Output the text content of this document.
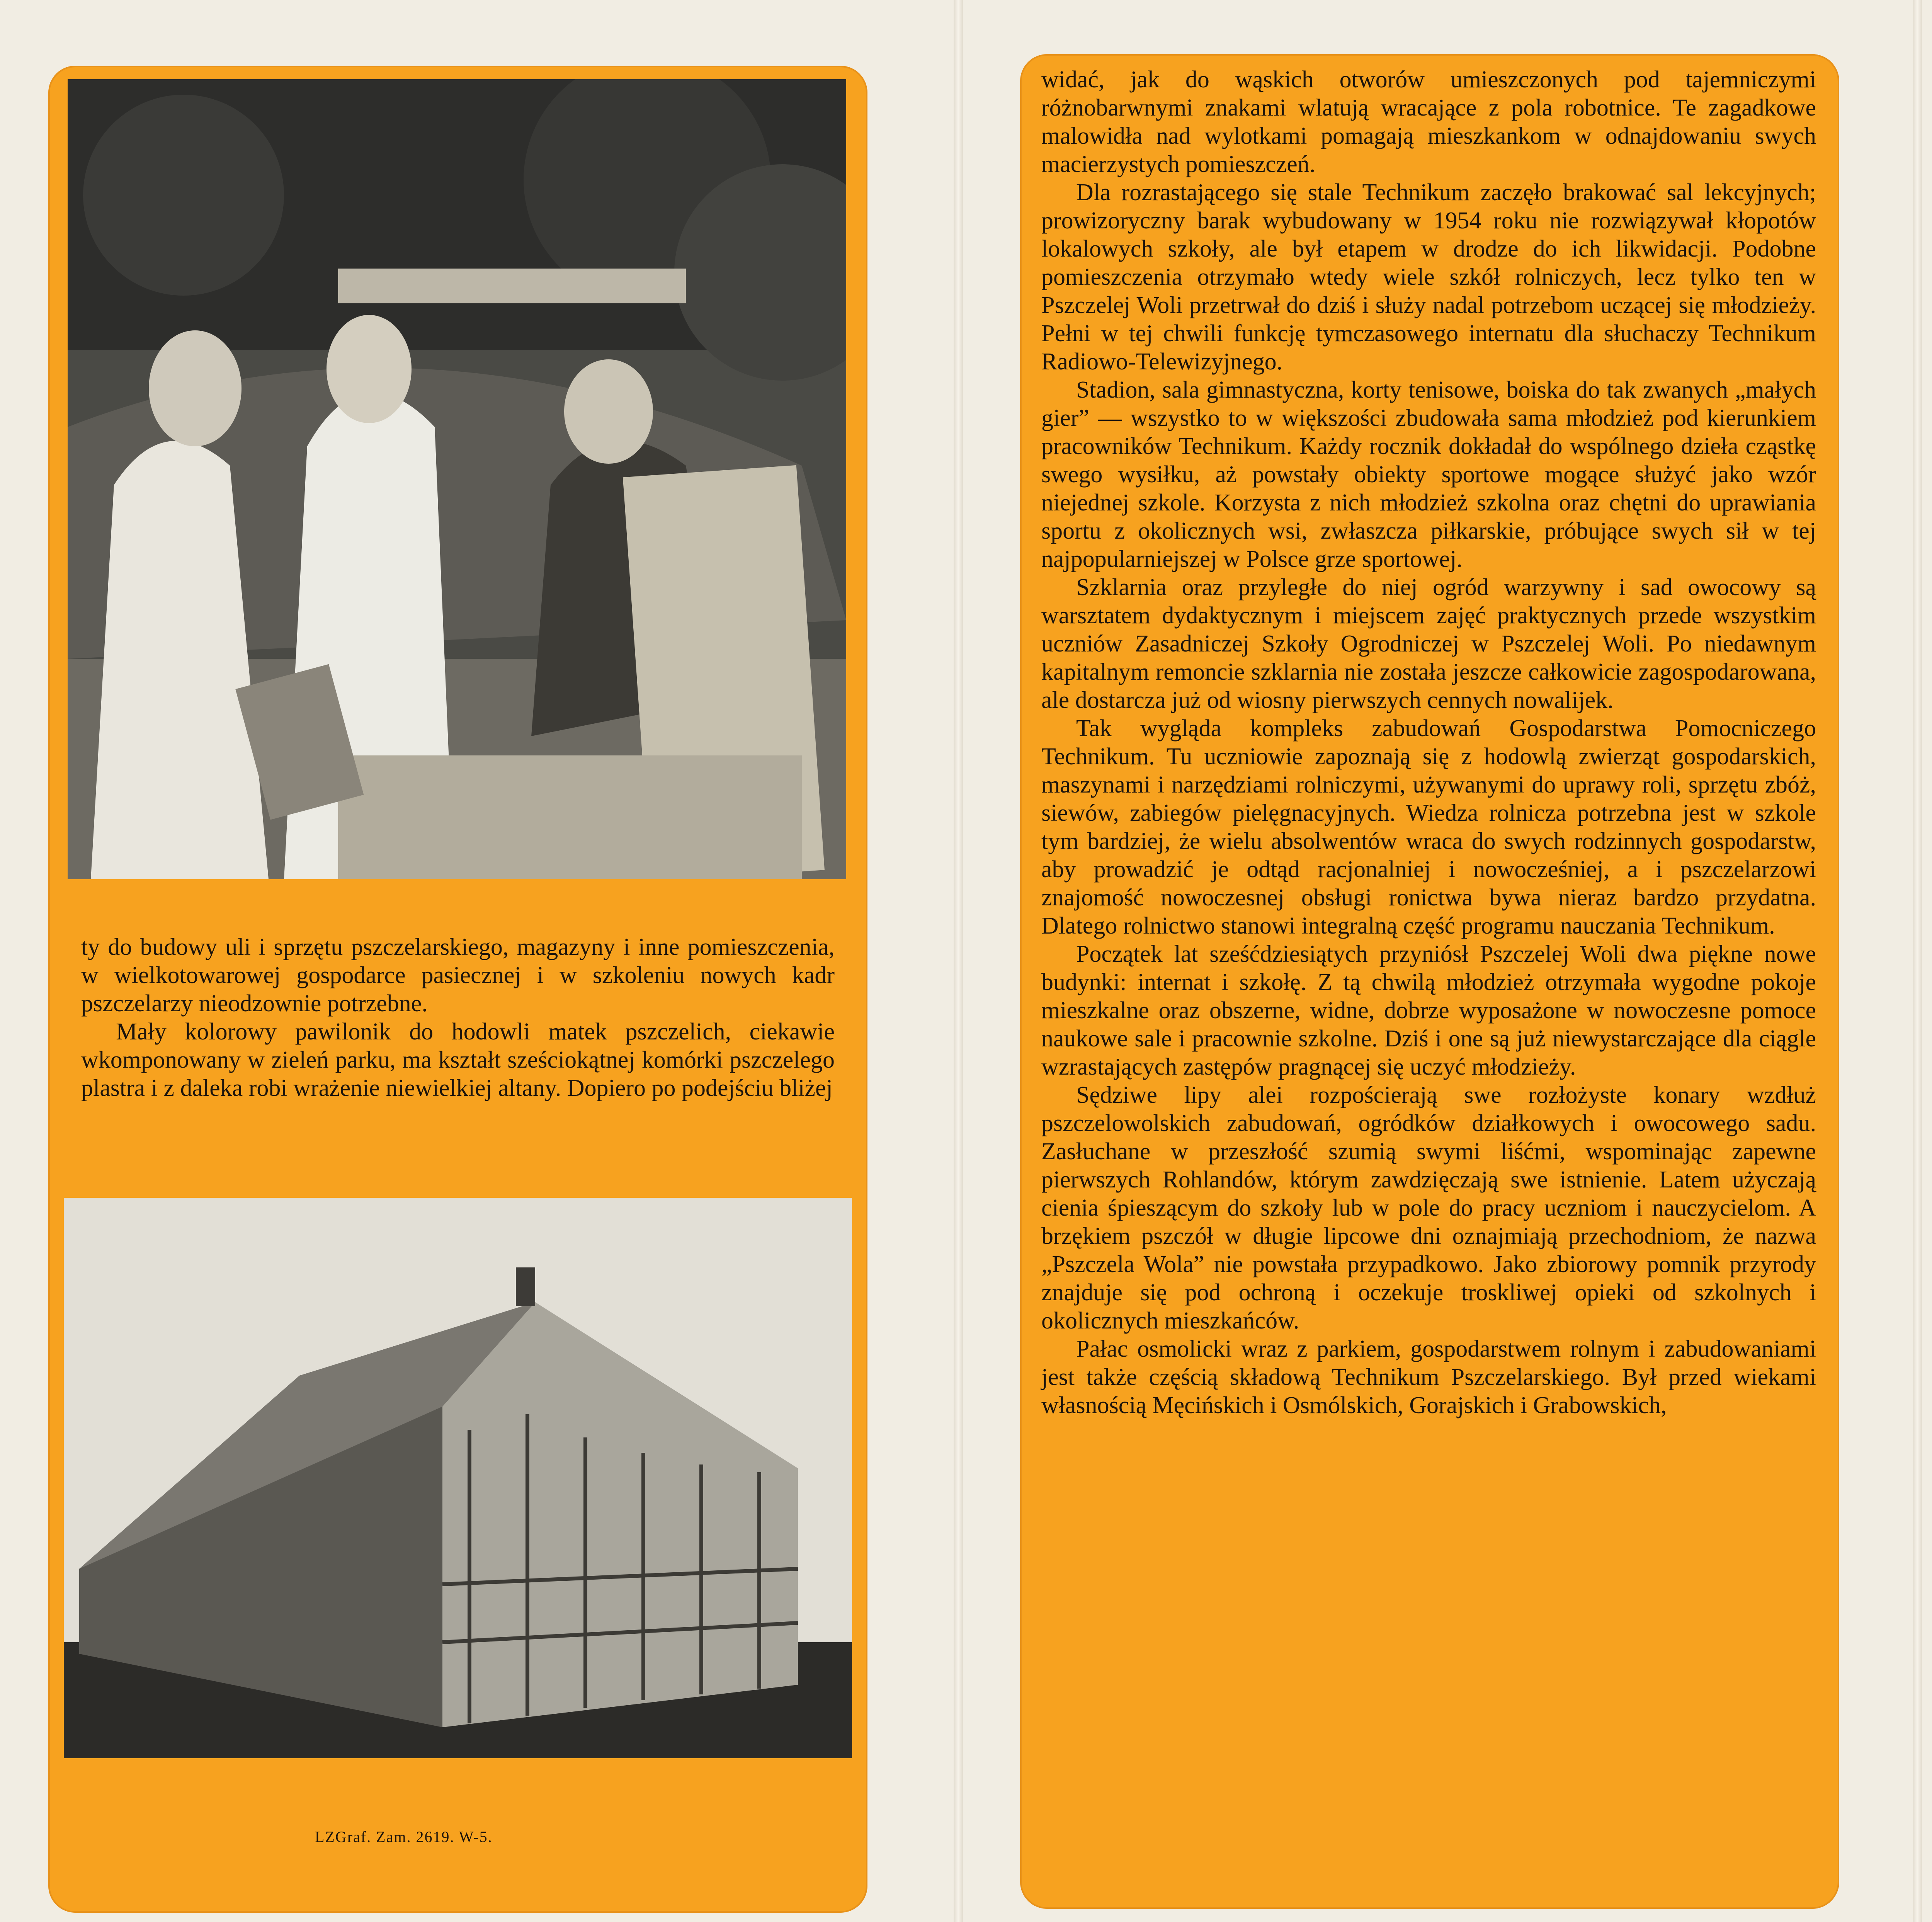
ty do budowy uli i sprzętu pszczelarskiego, magazyny i inne pomieszczenia, w wielkotowarowej gospodarce pasiecznej i w szkoleniu nowych kadr pszczelarzy nieodzownie potrzebne.

Mały kolorowy pawilonik do hodowli matek pszczelich, ciekawie wkomponowany w zieleń parku, ma kształt sześciokątnej komórki pszczelego plastra i z daleka robi wrażenie niewielkiej altany. Dopiero po podejściu bliżej

LZGraf. Zam. 2619. W-5.

widać, jak do wąskich otworów umieszczonych pod tajemniczymi różnobarwnymi znakami wlatują wracające z pola robotnice. Te zagadkowe malowidła nad wylotkami pomagają mieszkankom w odnajdowaniu swych macierzystych pomieszczeń.

Dla rozrastającego się stale Technikum zaczęło brakować sal lekcyjnych; prowizoryczny barak wybudowany w 1954 roku nie rozwiązywał kłopotów lokalowych szkoły, ale był etapem w drodze do ich likwidacji. Podobne pomieszczenia otrzymało wtedy wiele szkół rolniczych, lecz tylko ten w Pszczelej Woli przetrwał do dziś i służy nadal potrzebom uczącej się młodzieży. Pełni w tej chwili funkcję tymczasowego internatu dla słuchaczy Technikum Radiowo-Telewizyjnego.

Stadion, sala gimnastyczna, korty tenisowe, boiska do tak zwanych „małych gier” — wszystko to w większości zbudowała sama młodzież pod kierunkiem pracowników Technikum. Każdy rocznik dokładał do wspólnego dzieła cząstkę swego wysiłku, aż powstały obiekty sportowe mogące służyć jako wzór niejednej szkole. Korzysta z nich młodzież szkolna oraz chętni do uprawiania sportu z okolicznych wsi, zwłaszcza piłkarskie, próbujące swych sił w tej najpopularniejszej w Polsce grze sportowej.

Szklarnia oraz przyległe do niej ogród warzywny i sad owocowy są warsztatem dydaktycznym i miejscem zajęć praktycznych przede wszystkim uczniów Zasadniczej Szkoły Ogrodniczej w Pszczelej Woli. Po niedawnym kapitalnym remoncie szklarnia nie została jeszcze całkowicie zagospodarowana, ale dostarcza już od wiosny pierwszych cennych nowalijek.

Tak wygląda kompleks zabudowań Gospodarstwa Pomocniczego Technikum. Tu uczniowie zapoznają się z hodowlą zwierząt gospodarskich, maszynami i narzędziami rolniczymi, używanymi do uprawy roli, sprzętu zbóż, siewów, zabiegów pielęgnacyjnych. Wiedza rolnicza potrzebna jest w szkole tym bardziej, że wielu absolwentów wraca do swych rodzinnych gospodarstw, aby prowadzić je odtąd racjonalniej i nowocześniej, a i pszczelarzowi znajomość nowoczesnej obsługi ronictwa bywa nieraz bardzo przydatna. Dlatego rolnictwo stanowi integralną część programu nauczania Technikum.

Początek lat sześćdziesiątych przyniósł Pszczelej Woli dwa piękne nowe budynki: internat i szkołę. Z tą chwilą młodzież otrzymała wygodne pokoje mieszkalne oraz obszerne, widne, dobrze wyposażone w nowoczesne pomoce naukowe sale i pracownie szkolne. Dziś i one są już niewystarczające dla ciągle wzrastających zastępów pragnącej się uczyć młodzieży.

Sędziwe lipy alei rozpościerają swe rozłożyste konary wzdłuż pszczelowolskich zabudowań, ogródków działkowych i owocowego sadu. Zasłuchane w przeszłość szumią swymi liśćmi, wspominając zapewne pierwszych Rohlandów, którym zawdzięczają swe istnienie. Latem użyczają cienia śpieszącym do szkoły lub w pole do pracy uczniom i nauczycielom. A brzękiem pszczół w długie lipcowe dni oznajmiają przechodniom, że nazwa „Pszczela Wola” nie powstała przypadkowo. Jako zbiorowy pomnik przyrody znajduje się pod ochroną i oczekuje troskliwej opieki od szkolnych i okolicznych mieszkańców.

Pałac osmolicki wraz z parkiem, gospodarstwem rolnym i zabudowaniami jest także częścią składową Technikum Pszczelarskiego. Był przed wiekami własnością Męcińskich i Osmólskich, Gorajskich i Grabowskich,
